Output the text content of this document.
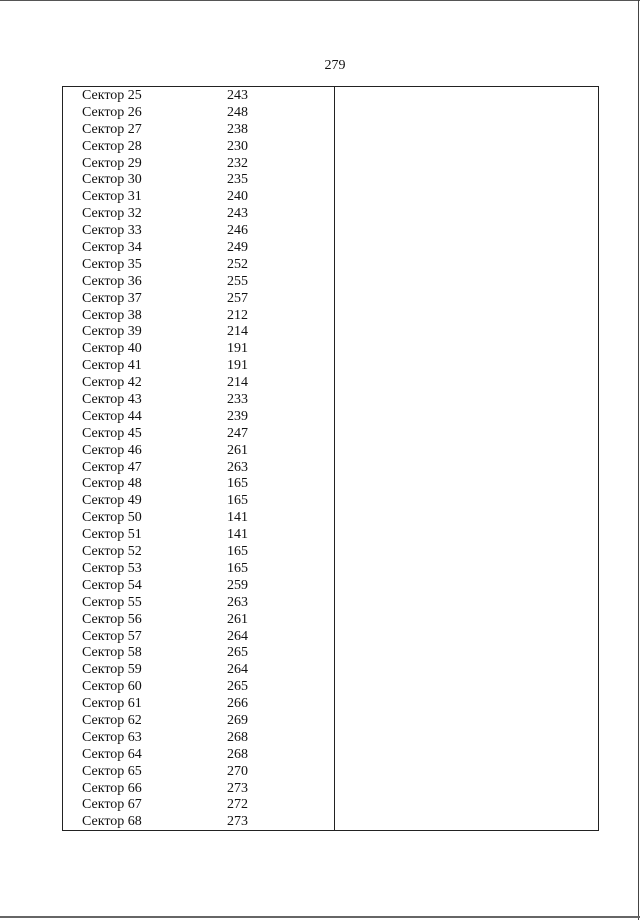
279
Сектор 25	243
Сектор 26	248
Сектор 27	238
Сектор 28	230
Сектор 29	232
Сектор 30	235
Сектор 31	240
Сектор 32	243
Сектор 33	246
Сектор 34	249
Сектор 35	252
Сектор 36	255
Сектор 37	257
Сектор 38	212
Сектор 39	214
Сектор 40	191
Сектор 41	191
Сектор 42	214
Сектор 43	233
Сектор 44	239
Сектор 45	247
Сектор 46	261
Сектор 47	263
Сектор 48	165
Сектор 49	165
Сектор 50	141
Сектор 51	141
Сектор 52	165
Сектор 53	165
Сектор 54	259
Сектор 55	263
Сектор 56	261
Сектор 57	264
Сектор 58	265
Сектор 59	264
Сектор 60	265
Сектор 61	266
Сектор 62	269
Сектор 63	268
Сектор 64	268
Сектор 65	270
Сектор 66	273
Сектор 67	272
Сектор 68	273
